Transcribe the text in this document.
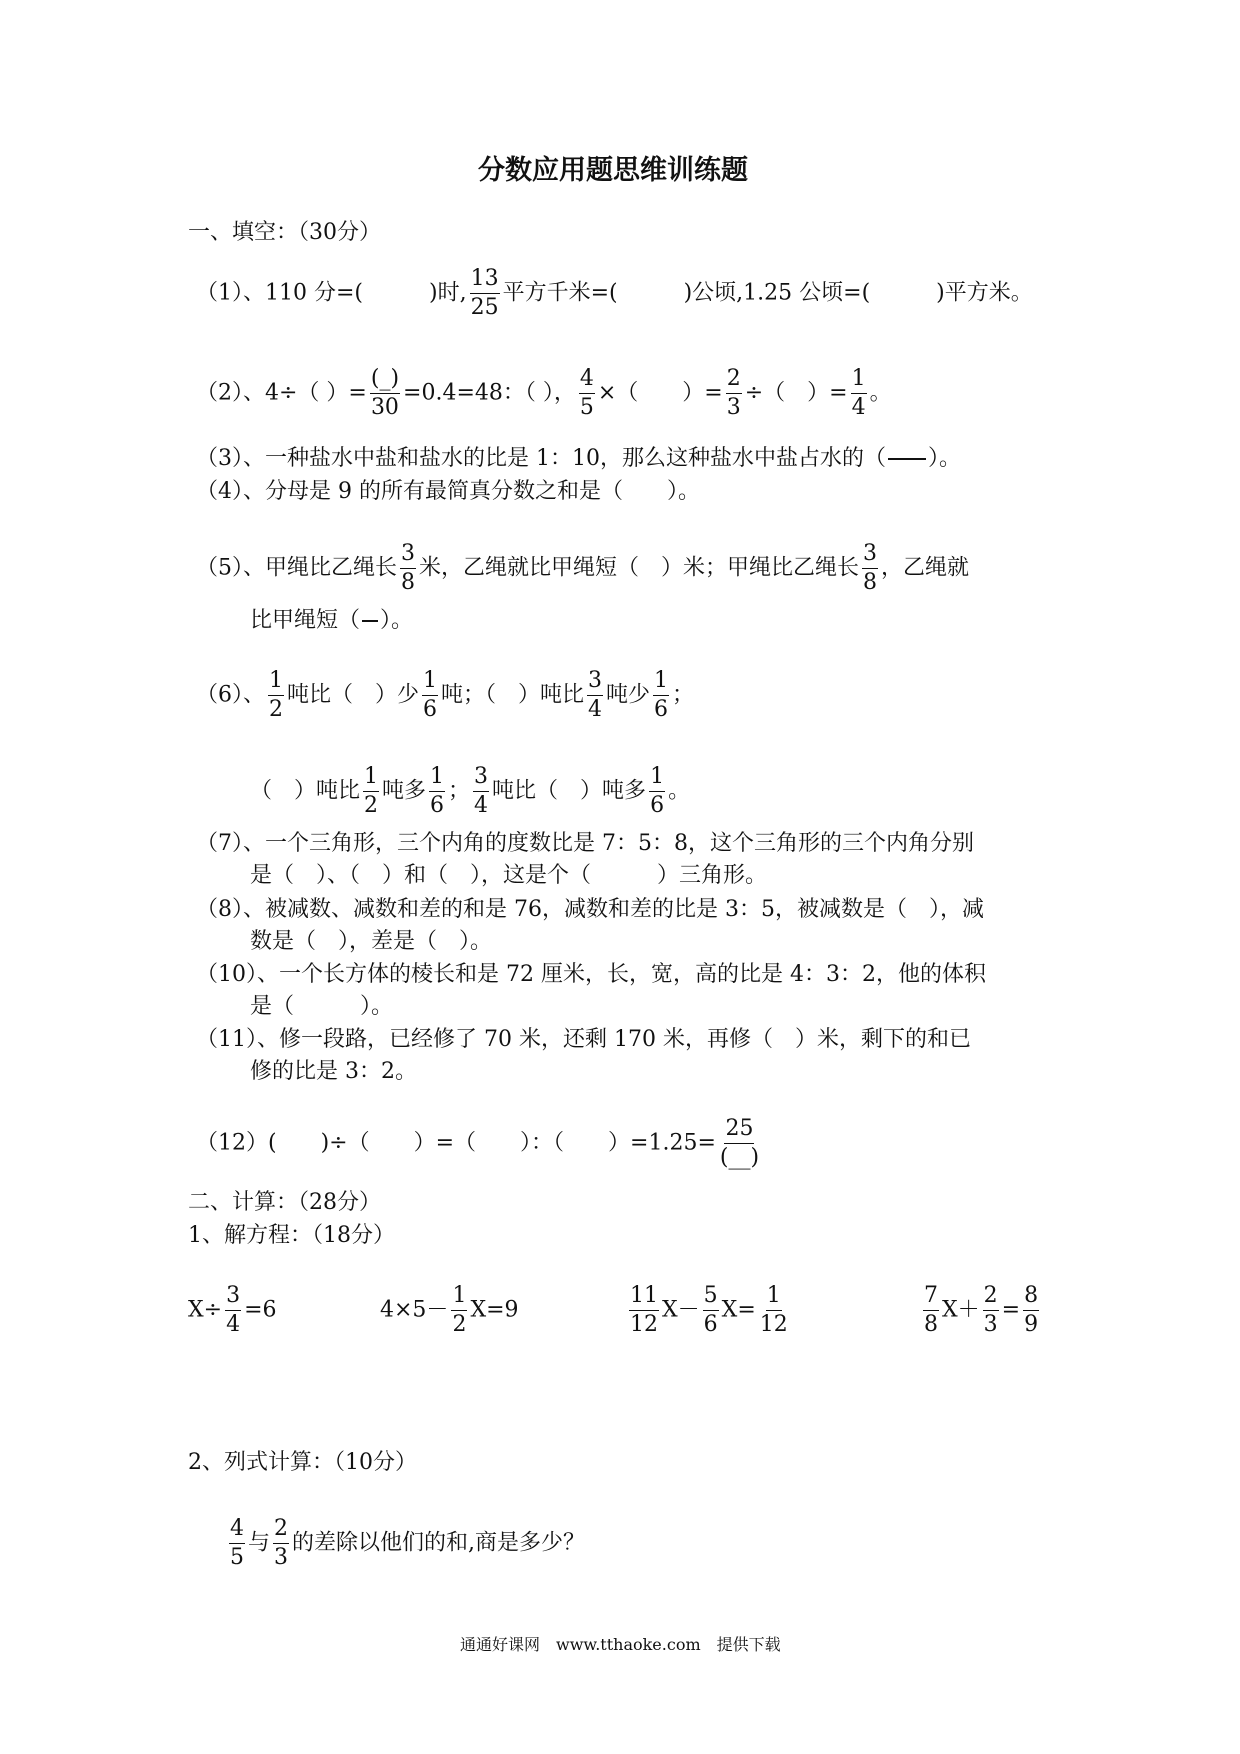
分数应用题思维训练题
一、填空：（30分）
（1）、110 分=(　　　)时, $\frac{13}{25}$ 平方千米=(　　　)公顷,1.25 公顷=(　　　)平方米。
（2）、4÷（ ）= $\frac{(\_)}{30} =0.4=48$：（ ）， $\frac{4}{5}$ ×（　　）= $\frac{2}{3}$ ÷（　）= $\frac{1}{4}$ 。
（3）、一种盐水中盐和盐水的比是 1：10，那么这种盐水中盐占水的（ ）。
（4）、分母是 9 的所有最简真分数之和是（　　）。
（5）、甲绳比乙绳长 $\frac{3}{8}$ 米，乙绳就比甲绳短（　）米；甲绳比乙绳长 $\frac{3}{8}$ ，乙绳就
比甲绳短（ ）。
（6）、 $\frac{1}{2}$ 吨比（　）少 $\frac{1}{6}$ 吨；（　）吨比 $\frac{3}{4}$ 吨少 $\frac{1}{6}$ ；
（　）吨比 $\frac{1}{2}$ 吨多 $\frac{1}{6}$ ； $\frac{3}{4}$ 吨比（　）吨多 $\frac{1}{6}$ 。
（7）、一个三角形，三个内角的度数比是 7：5：8，这个三角形的三个内角分别
是（　）、（　）和（　），这是个（　　　）三角形。
（8）、被减数、减数和差的和是 76，减数和差的比是 3：5，被减数是（　），减
数是（　），差是（　）。
（10）、一个长方体的棱长和是 72 厘米，长，宽，高的比是 4：3：2，他的体积
是（　　　）。
（11）、修一段路，已经修了 70 米，还剩 170 米，再修（　）米，剩下的和已
修的比是 3：2。
（12）(　　)÷（　　）=（　　）：（　　）$=1.25= \frac{25}{(\_\_)}$
二、计算：（28分）
1、解方程：（18分）
$X\div \frac{3}{4} =6$	$4\times 5- \frac{1}{2} X=9$	$\frac{11}{12} X- \frac{5}{6} X= \frac{1}{12}$	$\frac{7}{8} X+ \frac{2}{3} = \frac{8}{9}$
2、列式计算：（10分）
$\frac{4}{5}$ 与 $\frac{2}{3}$ 的差除以他们的和,商是多少？
通通好课网　www.tthaoke.com　提供下载
